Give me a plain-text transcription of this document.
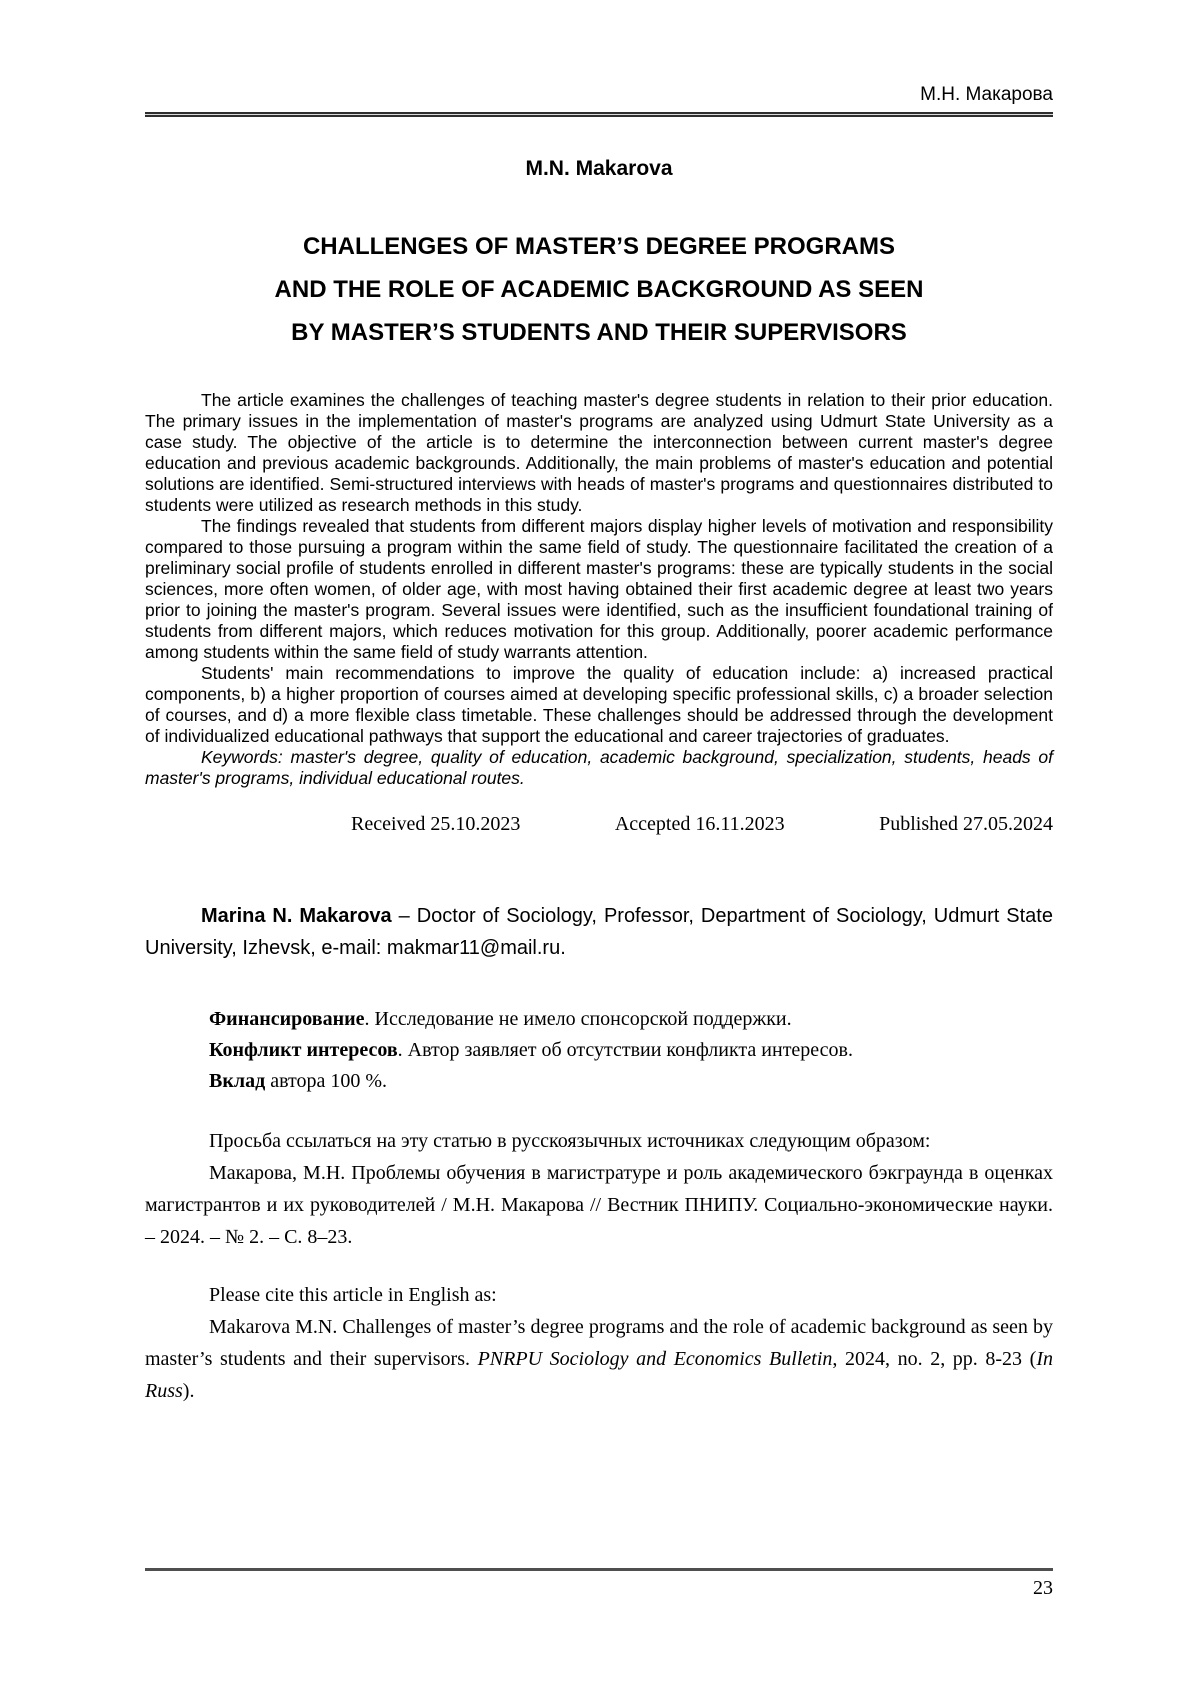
М.Н. Макарова
M.N. Makarova
CHALLENGES OF MASTER’S DEGREE PROGRAMS
AND THE ROLE OF ACADEMIC BACKGROUND AS SEEN
BY MASTER’S STUDENTS AND THEIR SUPERVISORS

The article examines the challenges of teaching master's degree students in relation to their prior education. The primary issues in the implementation of master's programs are analyzed using Udmurt State University as a case study. The objective of the article is to determine the interconnection between current master's degree education and previous academic backgrounds. Additionally, the main problems of master's education and potential solutions are identified. Semi-structured interviews with heads of master's programs and questionnaires distributed to students were utilized as research methods in this study.

The findings revealed that students from different majors display higher levels of motivation and responsibility compared to those pursuing a program within the same field of study. The questionnaire facilitated the creation of a preliminary social profile of students enrolled in different master's programs: these are typically students in the social sciences, more often women, of older age, with most having obtained their first academic degree at least two years prior to joining the master's program. Several issues were identified, such as the insufficient foundational training of students from different majors, which reduces motivation for this group. Additionally, poorer academic performance among students within the same field of study warrants attention.

Students' main recommendations to improve the quality of education include: a) increased practical components, b) a higher proportion of courses aimed at developing specific professional skills, c) a broader selection of courses, and d) a more flexible class timetable. These challenges should be addressed through the development of individualized educational pathways that support the educational and career trajectories of graduates.

Keywords: master's degree, quality of education, academic background, specialization, students, heads of master's programs, individual educational routes.

Received 25.10.2023	Accepted 16.11.2023	Published 27.05.2024
Marina N. Makarova – Doctor of Sociology, Professor, Department of Sociology, Udmurt State University, Izhevsk, e-mail: makmar11@mail.ru.

Финансирование. Исследование не имело спонсорской поддержки.

Конфликт интересов. Автор заявляет об отсутствии конфликта интересов.

Вклад автора 100 %.

Просьба ссылаться на эту статью в русскоязычных источниках следующим образом:

Макарова, М.Н. Проблемы обучения в магистратуре и роль академического бэкграунда в оценках магистрантов и их руководителей / М.Н. Макарова // Вестник ПНИПУ. Социально-экономические науки. – 2024. – № 2. – С. 8–23.

Please cite this article in English as:

Makarova M.N. Challenges of master’s degree programs and the role of academic background as seen by master’s students and their supervisors. PNRPU Sociology and Economics Bulletin, 2024, no. 2, pp. 8-23 (In Russ).

23
